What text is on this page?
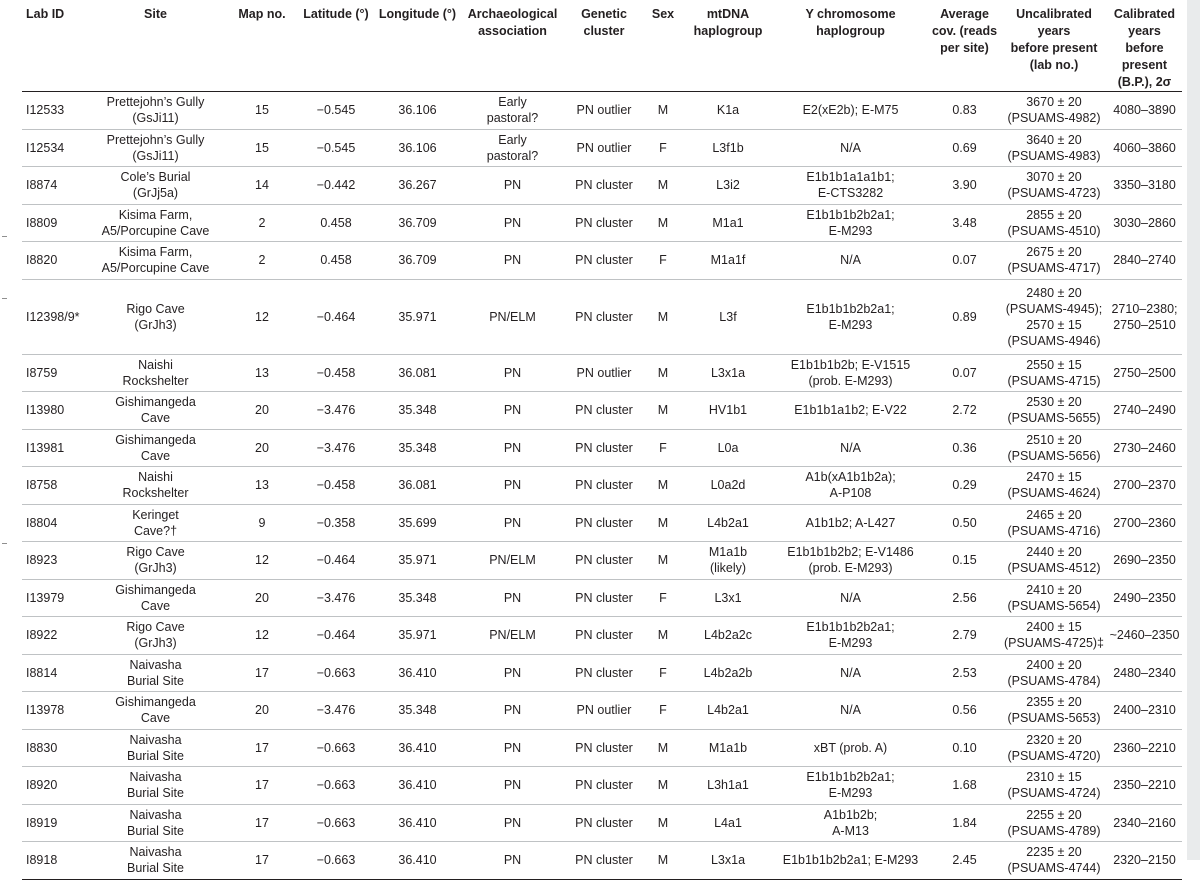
Lab ID	Site	Map no.	Latitude (°)	Longitude (°)	Archaeological
association	Genetic
cluster	Sex	mtDNA
haplogroup	Y chromosome
haplogroup	Average
cov. (reads
per site)	Uncalibrated years
before present
(lab no.)	Calibrated years
before present
(B.P.), 2σ
I12533	Prettejohn’s Gully
(GsJi11)	15	−0.545	36.106	Early
pastoral?	PN outlier	M	K1a	E2(xE2b); E-M75	0.83	3670 ± 20
(PSUAMS-4982)	4080–3890
I12534	Prettejohn’s Gully
(GsJi11)	15	−0.545	36.106	Early
pastoral?	PN outlier	F	L3f1b	N/A	0.69	3640 ± 20
(PSUAMS-4983)	4060–3860
I8874	Cole’s Burial
(GrJj5a)	14	−0.442	36.267	PN	PN cluster	M	L3i2	E1b1b1a1a1b1;
E-CTS3282	3.90	3070 ± 20
(PSUAMS-4723)	3350–3180
I8809	Kisima Farm,
A5/Porcupine Cave	2	0.458	36.709	PN	PN cluster	M	M1a1	E1b1b1b2b2a1;
E-M293	3.48	2855 ± 20
(PSUAMS-4510)	3030–2860
I8820	Kisima Farm,
A5/Porcupine Cave	2	0.458	36.709	PN	PN cluster	F	M1a1f	N/A	0.07	2675 ± 20
(PSUAMS-4717)	2840–2740
I12398/9*	Rigo Cave
(GrJh3)	12	−0.464	35.971	PN/ELM	PN cluster	M	L3f	E1b1b1b2b2a1;
E-M293	0.89	2480 ± 20
(PSUAMS-4945);
2570 ± 15
(PSUAMS-4946)	2710–2380;
2750–2510
I8759	Naishi
Rockshelter	13	−0.458	36.081	PN	PN outlier	M	L3x1a	E1b1b1b2b; E-V1515
(prob. E-M293)	0.07	2550 ± 15
(PSUAMS-4715)	2750–2500
I13980	Gishimangeda
Cave	20	−3.476	35.348	PN	PN cluster	M	HV1b1	E1b1b1a1b2; E-V22	2.72	2530 ± 20
(PSUAMS-5655)	2740–2490
I13981	Gishimangeda
Cave	20	−3.476	35.348	PN	PN cluster	F	L0a	N/A	0.36	2510 ± 20
(PSUAMS-5656)	2730–2460
I8758	Naishi
Rockshelter	13	−0.458	36.081	PN	PN cluster	M	L0a2d	A1b(xA1b1b2a);
A-P108	0.29	2470 ± 15
(PSUAMS-4624)	2700–2370
I8804	Keringet
Cave?†	9	−0.358	35.699	PN	PN cluster	M	L4b2a1	A1b1b2; A-L427	0.50	2465 ± 20
(PSUAMS-4716)	2700–2360
I8923	Rigo Cave
(GrJh3)	12	−0.464	35.971	PN/ELM	PN cluster	M	M1a1b
(likely)	E1b1b1b2b2; E-V1486
(prob. E-M293)	0.15	2440 ± 20
(PSUAMS-4512)	2690–2350
I13979	Gishimangeda
Cave	20	−3.476	35.348	PN	PN cluster	F	L3x1	N/A	2.56	2410 ± 20
(PSUAMS-5654)	2490–2350
I8922	Rigo Cave
(GrJh3)	12	−0.464	35.971	PN/ELM	PN cluster	M	L4b2a2c	E1b1b1b2b2a1;
E-M293	2.79	2400 ± 15
(PSUAMS-4725)‡	~2460–2350
I8814	Naivasha
Burial Site	17	−0.663	36.410	PN	PN cluster	F	L4b2a2b	N/A	2.53	2400 ± 20
(PSUAMS-4784)	2480–2340
I13978	Gishimangeda
Cave	20	−3.476	35.348	PN	PN outlier	F	L4b2a1	N/A	0.56	2355 ± 20
(PSUAMS-5653)	2400–2310
I8830	Naivasha
Burial Site	17	−0.663	36.410	PN	PN cluster	M	M1a1b	xBT (prob. A)	0.10	2320 ± 20
(PSUAMS-4720)	2360–2210
I8920	Naivasha
Burial Site	17	−0.663	36.410	PN	PN cluster	M	L3h1a1	E1b1b1b2b2a1;
E-M293	1.68	2310 ± 15
(PSUAMS-4724)	2350–2210
I8919	Naivasha
Burial Site	17	−0.663	36.410	PN	PN cluster	M	L4a1	A1b1b2b;
A-M13	1.84	2255 ± 20
(PSUAMS-4789)	2340–2160
I8918	Naivasha
Burial Site	17	−0.663	36.410	PN	PN cluster	M	L3x1a	E1b1b1b2b2a1; E-M293	2.45	2235 ± 20
(PSUAMS-4744)	2320–2150
